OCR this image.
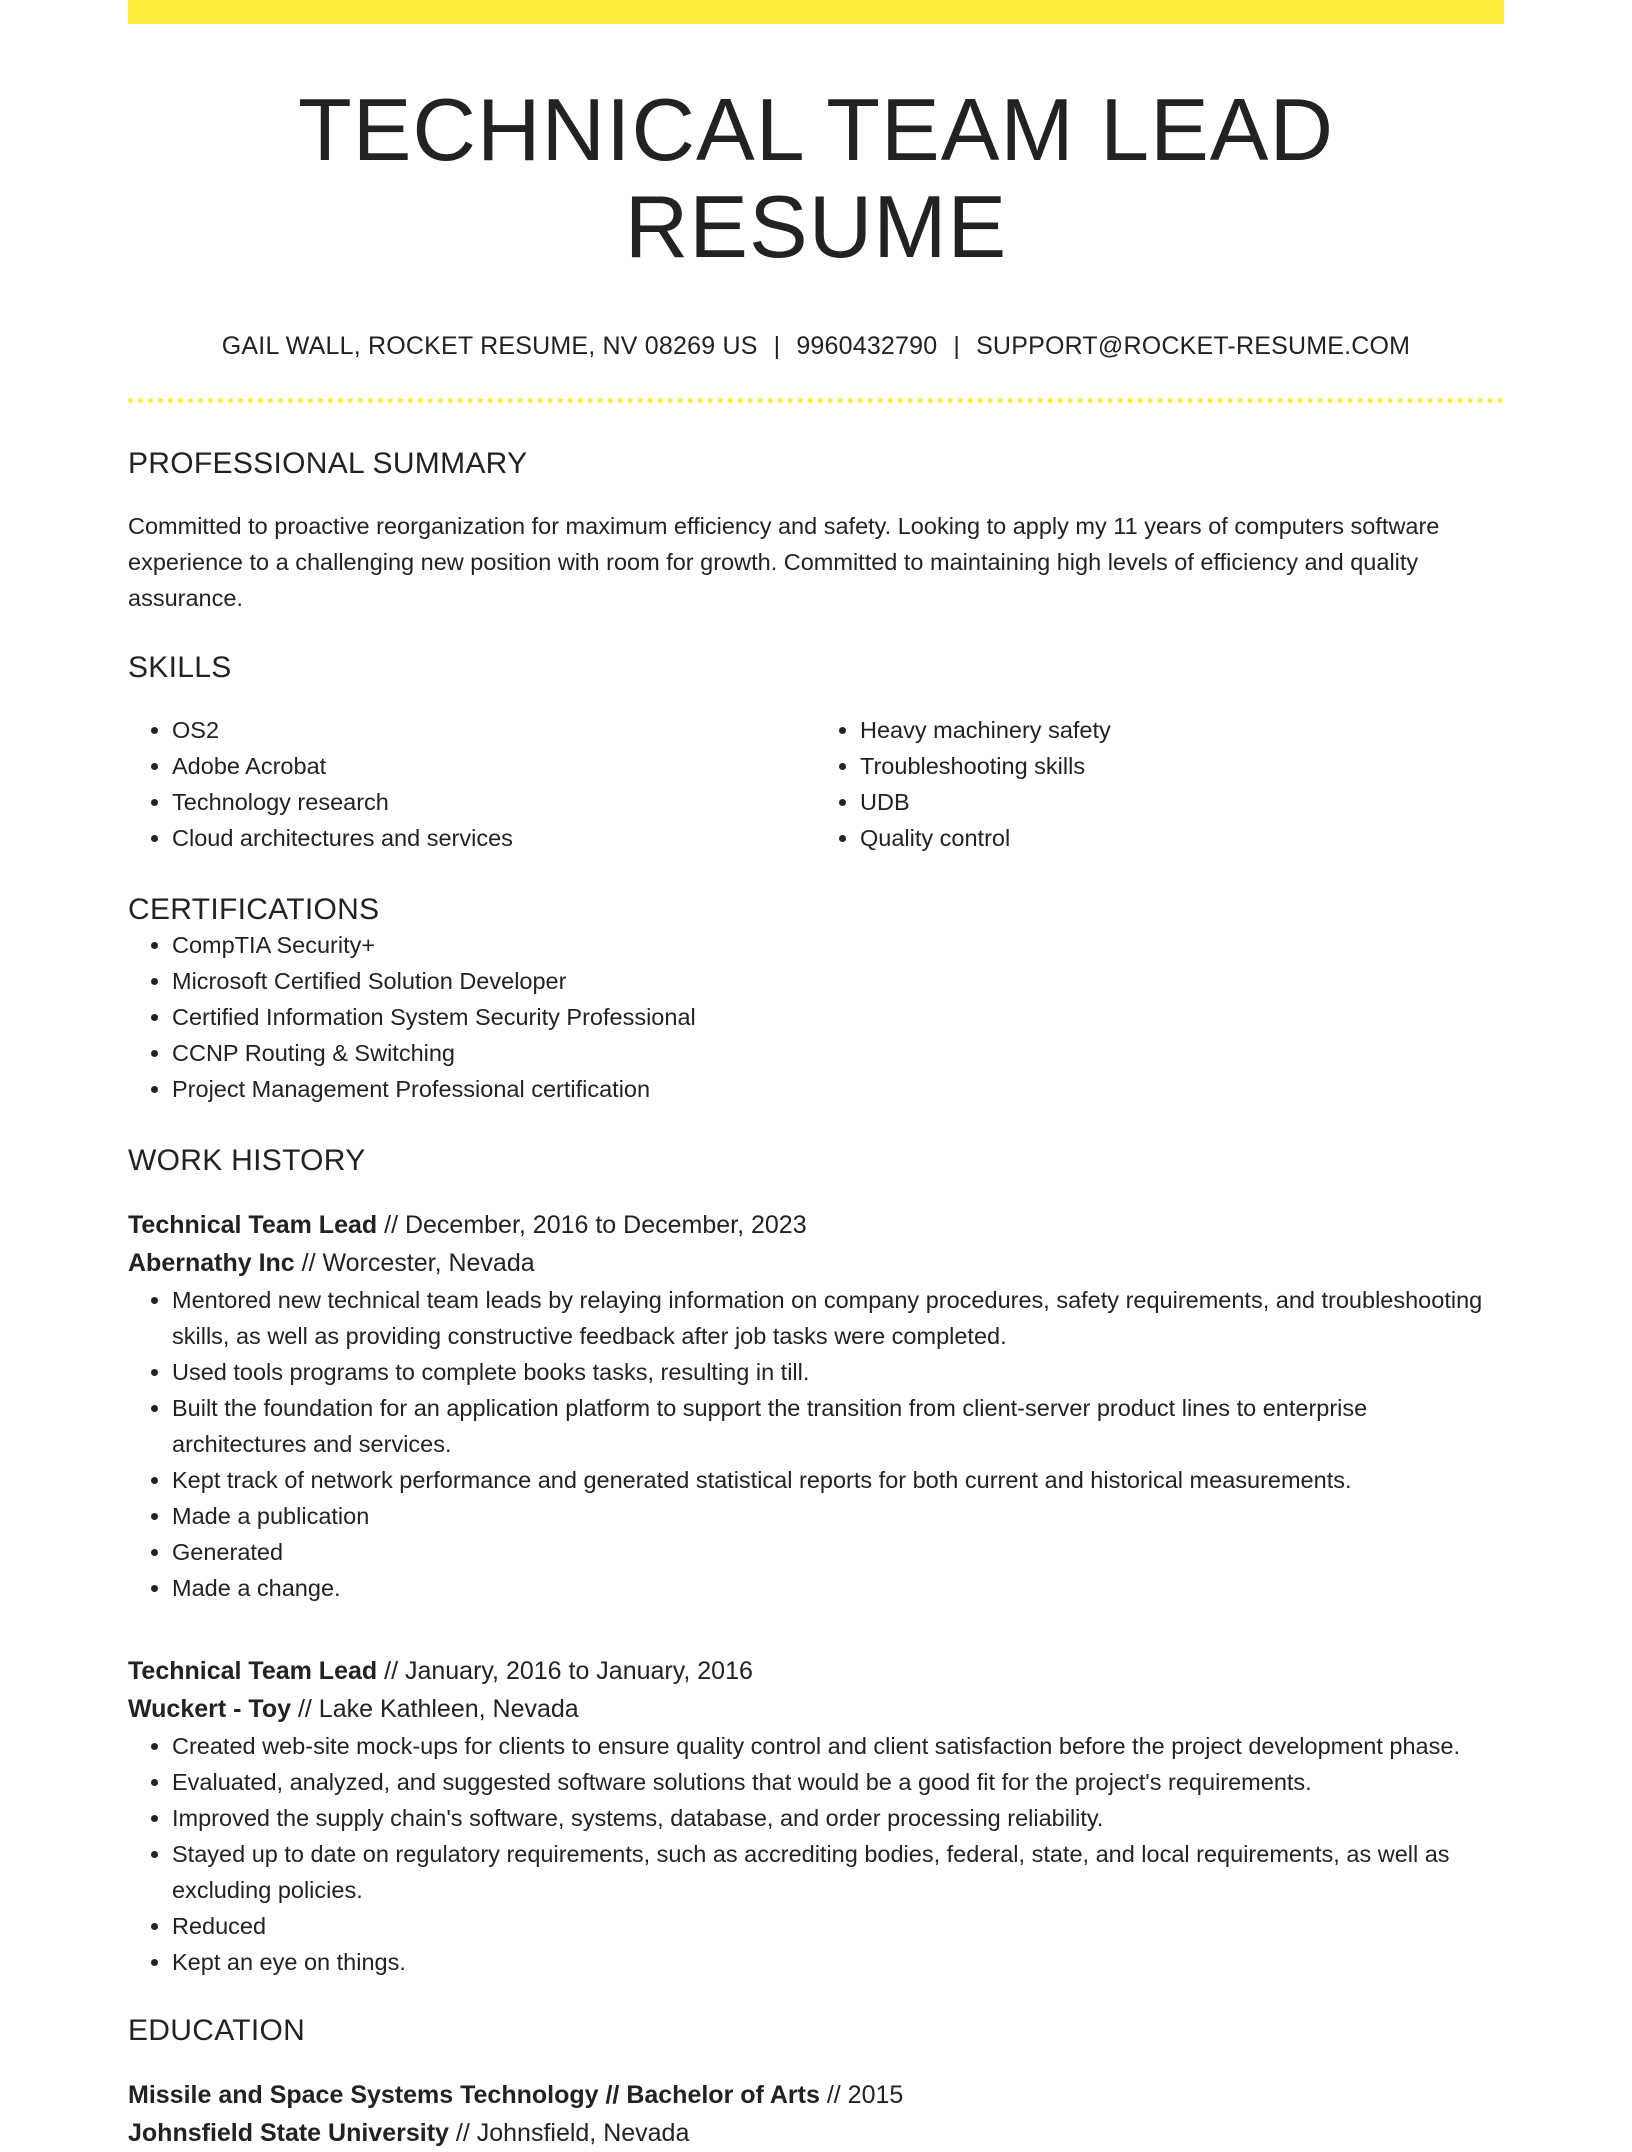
TECHNICAL TEAM LEAD RESUME
GAIL WALL, ROCKET RESUME, NV 08269 US | 9960432790 | SUPPORT@ROCKET-RESUME.COM
PROFESSIONAL SUMMARY
Committed to proactive reorganization for maximum efficiency and safety. Looking to apply my 11 years of computers software experience to a challenging new position with room for growth. Committed to maintaining high levels of efficiency and quality assurance.
SKILLS
• OS2
• Adobe Acrobat
• Technology research
• Cloud architectures and services
• Heavy machinery safety
• Troubleshooting skills
• UDB
• Quality control
CERTIFICATIONS
• CompTIA Security+
• Microsoft Certified Solution Developer
• Certified Information System Security Professional
• CCNP Routing & Switching
• Project Management Professional certification
WORK HISTORY
Technical Team Lead // December, 2016 to December, 2023
Abernathy Inc // Worcester, Nevada
• Mentored new technical team leads by relaying information on company procedures, safety requirements, and troubleshooting skills, as well as providing constructive feedback after job tasks were completed.
• Used tools programs to complete books tasks, resulting in till.
• Built the foundation for an application platform to support the transition from client-server product lines to enterprise architectures and services.
• Kept track of network performance and generated statistical reports for both current and historical measurements.
• Made a publication
• Generated
• Made a change.
Technical Team Lead // January, 2016 to January, 2016
Wuckert - Toy // Lake Kathleen, Nevada
• Created web-site mock-ups for clients to ensure quality control and client satisfaction before the project development phase.
• Evaluated, analyzed, and suggested software solutions that would be a good fit for the project's requirements.
• Improved the supply chain's software, systems, database, and order processing reliability.
• Stayed up to date on regulatory requirements, such as accrediting bodies, federal, state, and local requirements, as well as excluding policies.
• Reduced
• Kept an eye on things.
EDUCATION
Missile and Space Systems Technology // Bachelor of Arts // 2015
Johnsfield State University // Johnsfield, Nevada
